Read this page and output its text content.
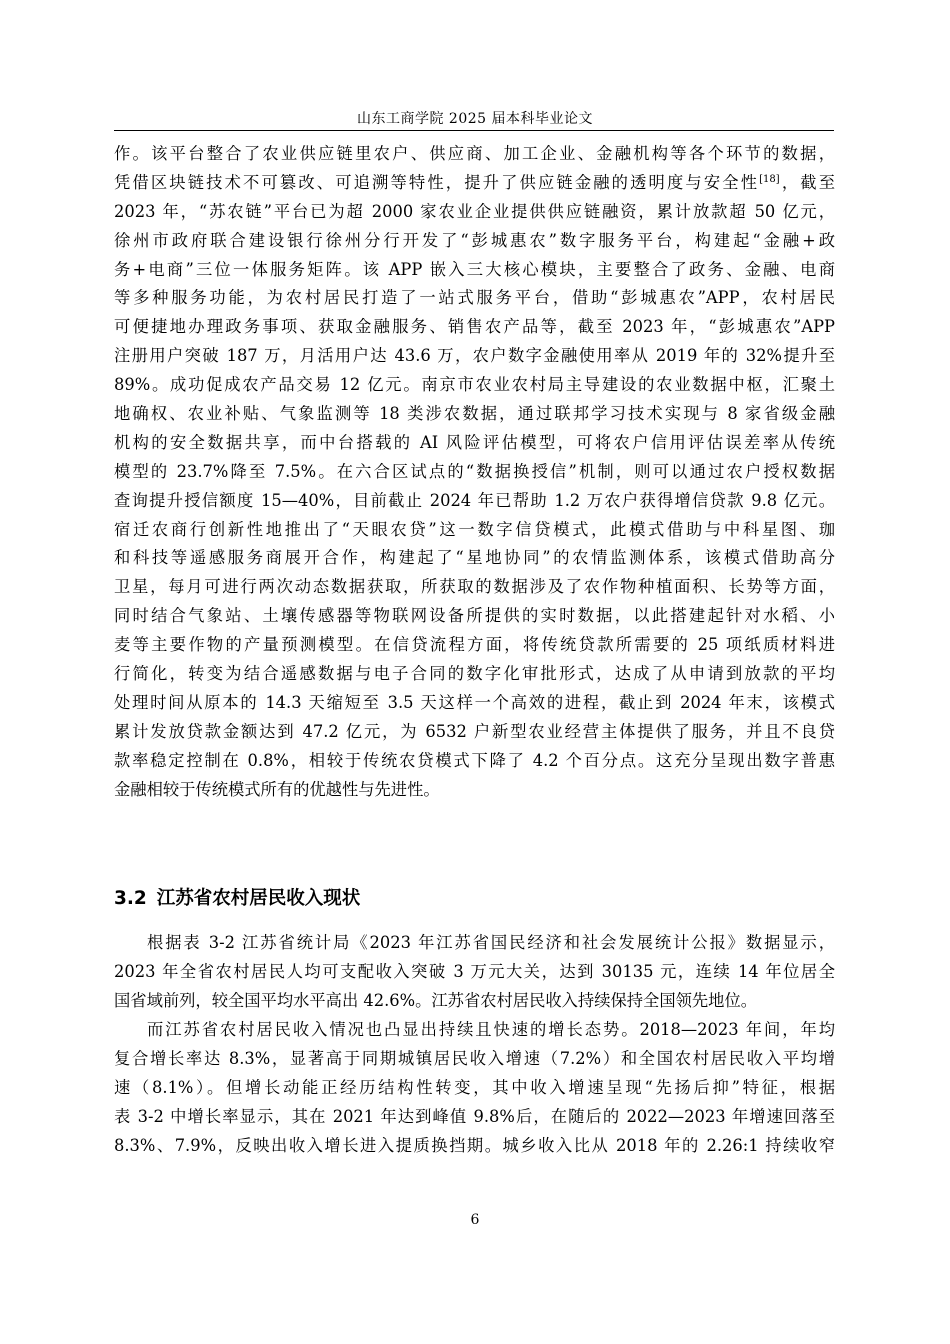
山东工商学院 2025 届本科毕业论文
作。该平台整合了农业供应链里农户、供应商、加工企业、金融机构等各个环节的数据，
凭借区块链技术不可篡改、可追溯等特性，提升了供应链金融的透明度与安全性[18]，截至
2023 年，“苏农链”平台已为超 2000 家农业企业提供供应链融资，累计放款超 50 亿元，
徐州市政府联合建设银行徐州分行开发了“彭城惠农”数字服务平台，构建起“金融+政
务+电商”三位一体服务矩阵。该 APP 嵌入三大核心模块，主要整合了政务、金融、电商
等多种服务功能，为农村居民打造了一站式服务平台，借助“彭城惠农”APP，农村居民
可便捷地办理政务事项、获取金融服务、销售农产品等，截至 2023 年，“彭城惠农”APP
注册用户突破 187 万，月活用户达 43.6 万，农户数字金融使用率从 2019 年的 32%提升至
89%。成功促成农产品交易 12 亿元。南京市农业农村局主导建设的农业数据中枢，汇聚土
地确权、农业补贴、气象监测等 18 类涉农数据，通过联邦学习技术实现与 8 家省级金融
机构的安全数据共享，而中台搭载的 AI 风险评估模型，可将农户信用评估误差率从传统
模型的 23.7%降至 7.5%。在六合区试点的“数据换授信”机制，则可以通过农户授权数据
查询提升授信额度 15—40%，目前截止 2024 年已帮助 1.2 万农户获得增信贷款 9.8 亿元。
宿迁农商行创新性地推出了“天眼农贷”这一数字信贷模式，此模式借助与中科星图、珈
和科技等遥感服务商展开合作，构建起了“星地协同”的农情监测体系，该模式借助高分
卫星，每月可进行两次动态数据获取，所获取的数据涉及了农作物种植面积、长势等方面，
同时结合气象站、土壤传感器等物联网设备所提供的实时数据，以此搭建起针对水稻、小
麦等主要作物的产量预测模型。在信贷流程方面，将传统贷款所需要的 25 项纸质材料进
行简化，转变为结合遥感数据与电子合同的数字化审批形式，达成了从申请到放款的平均
处理时间从原本的 14.3 天缩短至 3.5 天这样一个高效的进程，截止到 2024 年末，该模式
累计发放贷款金额达到 47.2 亿元，为 6532 户新型农业经营主体提供了服务，并且不良贷
款率稳定控制在 0.8%，相较于传统农贷模式下降了 4.2 个百分点。这充分呈现出数字普惠
金融相较于传统模式所有的优越性与先进性。
3.2 江苏省农村居民收入现状
根据表 3-2 江苏省统计局《2023 年江苏省国民经济和社会发展统计公报》数据显示，
2023 年全省农村居民人均可支配收入突破 3 万元大关，达到 30135 元，连续 14 年位居全
国省域前列，较全国平均水平高出 42.6%。江苏省农村居民收入持续保持全国领先地位。
而江苏省农村居民收入情况也凸显出持续且快速的增长态势。2018—2023 年间，年均
复合增长率达 8.3%，显著高于同期城镇居民收入增速（7.2%）和全国农村居民收入平均增
速（8.1%）。但增长动能正经历结构性转变，其中收入增速呈现“先扬后抑”特征，根据
表 3-2 中增长率显示，其在 2021 年达到峰值 9.8%后，在随后的 2022—2023 年增速回落至
8.3%、7.9%，反映出收入增长进入提质换挡期。城乡收入比从 2018 年的 2.26:1 持续收窄
6
